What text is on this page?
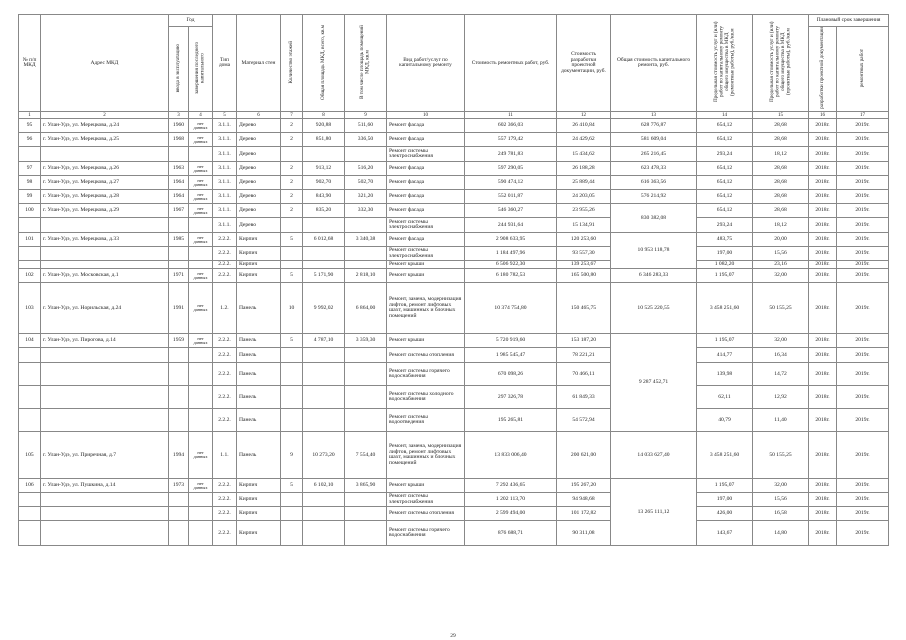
№ п/п МКД	Адрес МКД	Год		Тип дома	Материал стен	Количество этажей	Общая площадь МКД, всего, кв.м	В том числе площадь помещений МКД, кв.м	Вид работ/услуг по капитальному ремонту	Стоимость ремонтных работ, руб.	Стоимость разработки проектной документации, руб.	Общая стоимость капитального ремонта, руб.	Предельная стоимость услуг и (или) работ по капитальному ремонту общего имущества в МКД (ремонтные работы), руб./кв.м	Предельная стоимость услуг и (или) работ по капитальному ремонту общего имущества в МКД (проектные работы), руб./кв.м	Плановый срок завершения	
		ввода в эксплуатацию	завершения последнего капитального												разработки проектной документации	ремонтных работ
1	2	3	4	5	6	7	8	9	10	11	12	13	14	15	16	17
95	г. Улан-Удэ, ул. Мерецкова, д.24	1960	нет данных	3.1.1.	Дерево	2	920,88	511,60	Ремонт фасада	602 366,03	26 410,84	628 776,87	654,12	28,68	2018г.	2019г.
96	г. Улан-Удэ, ул. Мерецкова, д.25	1968	нет данных	3.1.1.	Дерево	2	851,80	336,50	Ремонт фасада	557 179,42	24 429,62	581 609,04	654,12	28,68	2018г.	2019г.
				3.1.1.	Дерево				Ремонт системы электроснабжения	249 781,83	15 434,62	265 216,45	293,24	18,12	2018г.	2019г.
97	г. Улан-Удэ, ул. Мерецкова, д.26	1963	нет данных	3.1.1.	Дерево	2	913,12	516,20	Ремонт фасада	597 290,05	26 188,28	623 478,33	654,12	28,68	2018г.	2019г.
98	г. Улан-Удэ, ул. Мерецкова, д.27	1964	нет данных	3.1.1.	Дерево	2	902,70	502,70	Ремонт фасада	590 474,12	25 889,44	616 363,56	654,12	28,68	2018г.	2019г.
99	г. Улан-Удэ, ул. Мерецкова, д.28	1964	нет данных	3.1.1.	Дерево	2	843,90	321,20	Ремонт фасада	552 011,87	24 203,05	576 214,92	654,12	28,68	2018г.	2019г.
100	г. Улан-Удэ, ул. Мерецкова, д.29	1967	нет данных	3.1.1.	Дерево	2	835,20	332,30	Ремонт фасада	546 360,27	23 955,26	830 382,08	654,12	28,68	2018г.	2019г.
				3.1.1.	Дерево				Ремонт системы электроснабжения	244 931,64	15 134,91		293,24	18,12	2018г.	2019г.
101	г. Улан-Удэ, ул. Мерецкова, д.33	1985	нет данных	2.2.2.	Кирпич	5	6 012,68	3 340,38	Ремонт фасада	2 908 633,95	120 253,60	10 953 118,78	483,75	20,00	2018г.	2019г.
				2.2.2.	Кирпич				Ремонт системы электроснабжения	1 184 497,96	93 557,30		197,00	15,56	2018г.	2019г.
				2.2.2.	Кирпич				Ремонт крыши	6 506 922,30	139 253,67		1 082,20	23,16	2018г.	2019г.
102	г. Улан-Удэ, ул. Московская, д.1	1971	нет данных	2.2.2.	Кирпич	5	5 171,90	2 818,10	Ремонт крыши	6 180 782,53	165 500,80	6 346 283,33	1 195,07	32,00	2018г.	2019г.
103	г. Улан-Удэ, ул. Норильская, д.24	1991	нет данных	1.2.	Панель	10	9 992,02	6 864,00	Ремонт, замена, модернизация лифтов, ремонт лифтовых шахт, машинных и блочных помещений	10 374 754,80	150 465,75	10 525 220,55	3 458 251,60	50 155,25	2018г.	2019г.
104	г. Улан-Удэ, ул. Пирогова, д.14	1959	нет данных	2.2.2.	Панель	5	4 787,10	3 359,30	Ремонт крыши	5 720 919,60	153 187,20	9 287 452,71	1 195,07	32,00	2018г.	2019г.
				2.2.2.	Панель				Ремонт системы отопления	1 985 545,47	78 221,21		414,77	16,34	2018г.	2019г.
				2.2.2.	Панель				Ремонт системы горячего водоснабжения	670 098,26	70 466,11		139,98	14,72	2018г.	2019г.
				2.2.2.	Панель				Ремонт системы холодного водоснабжения	297 326,78	61 849,33		62,11	12,92	2018г.	2019г.
				2.2.2.	Панель				Ремонт системы водоотведения	195 265,81	54 572,94		40,79	11,40	2018г.	2019г.
105	г. Улан-Удэ, ул. Приречная, д.7	1994	нет данных	1.1.	Панель	9	10 273,20	7 554,40	Ремонт, замена, модернизация лифтов, ремонт лифтовых шахт, машинных и блочных помещений	13 833 006,40	200 621,00	14 033 627,40	3 458 251,60	50 155,25	2018г.	2019г.
106	г. Улан-Удэ, ул. Пушкина, д.14	1973	нет данных	2.2.2.	Кирпич	5	6 102,10	3 865,90	Ремонт крыши	7 292 436,65	195 267,20	13 265 111,12	1 195,07	32,00	2018г.	2019г.
				2.2.2.	Кирпич				Ремонт системы электроснабжения	1 202 113,70	94 948,68		197,00	15,56	2018г.	2019г.
				2.2.2.	Кирпич				Ремонт системы отопления	2 599 494,00	101 172,82		426,00	16,58	2018г.	2019г.
				2.2.2.	Кирпич				Ремонт системы горячего водоснабжения	876 688,71	90 311,08		143,67	14,80	2018г.	2019г.
29
